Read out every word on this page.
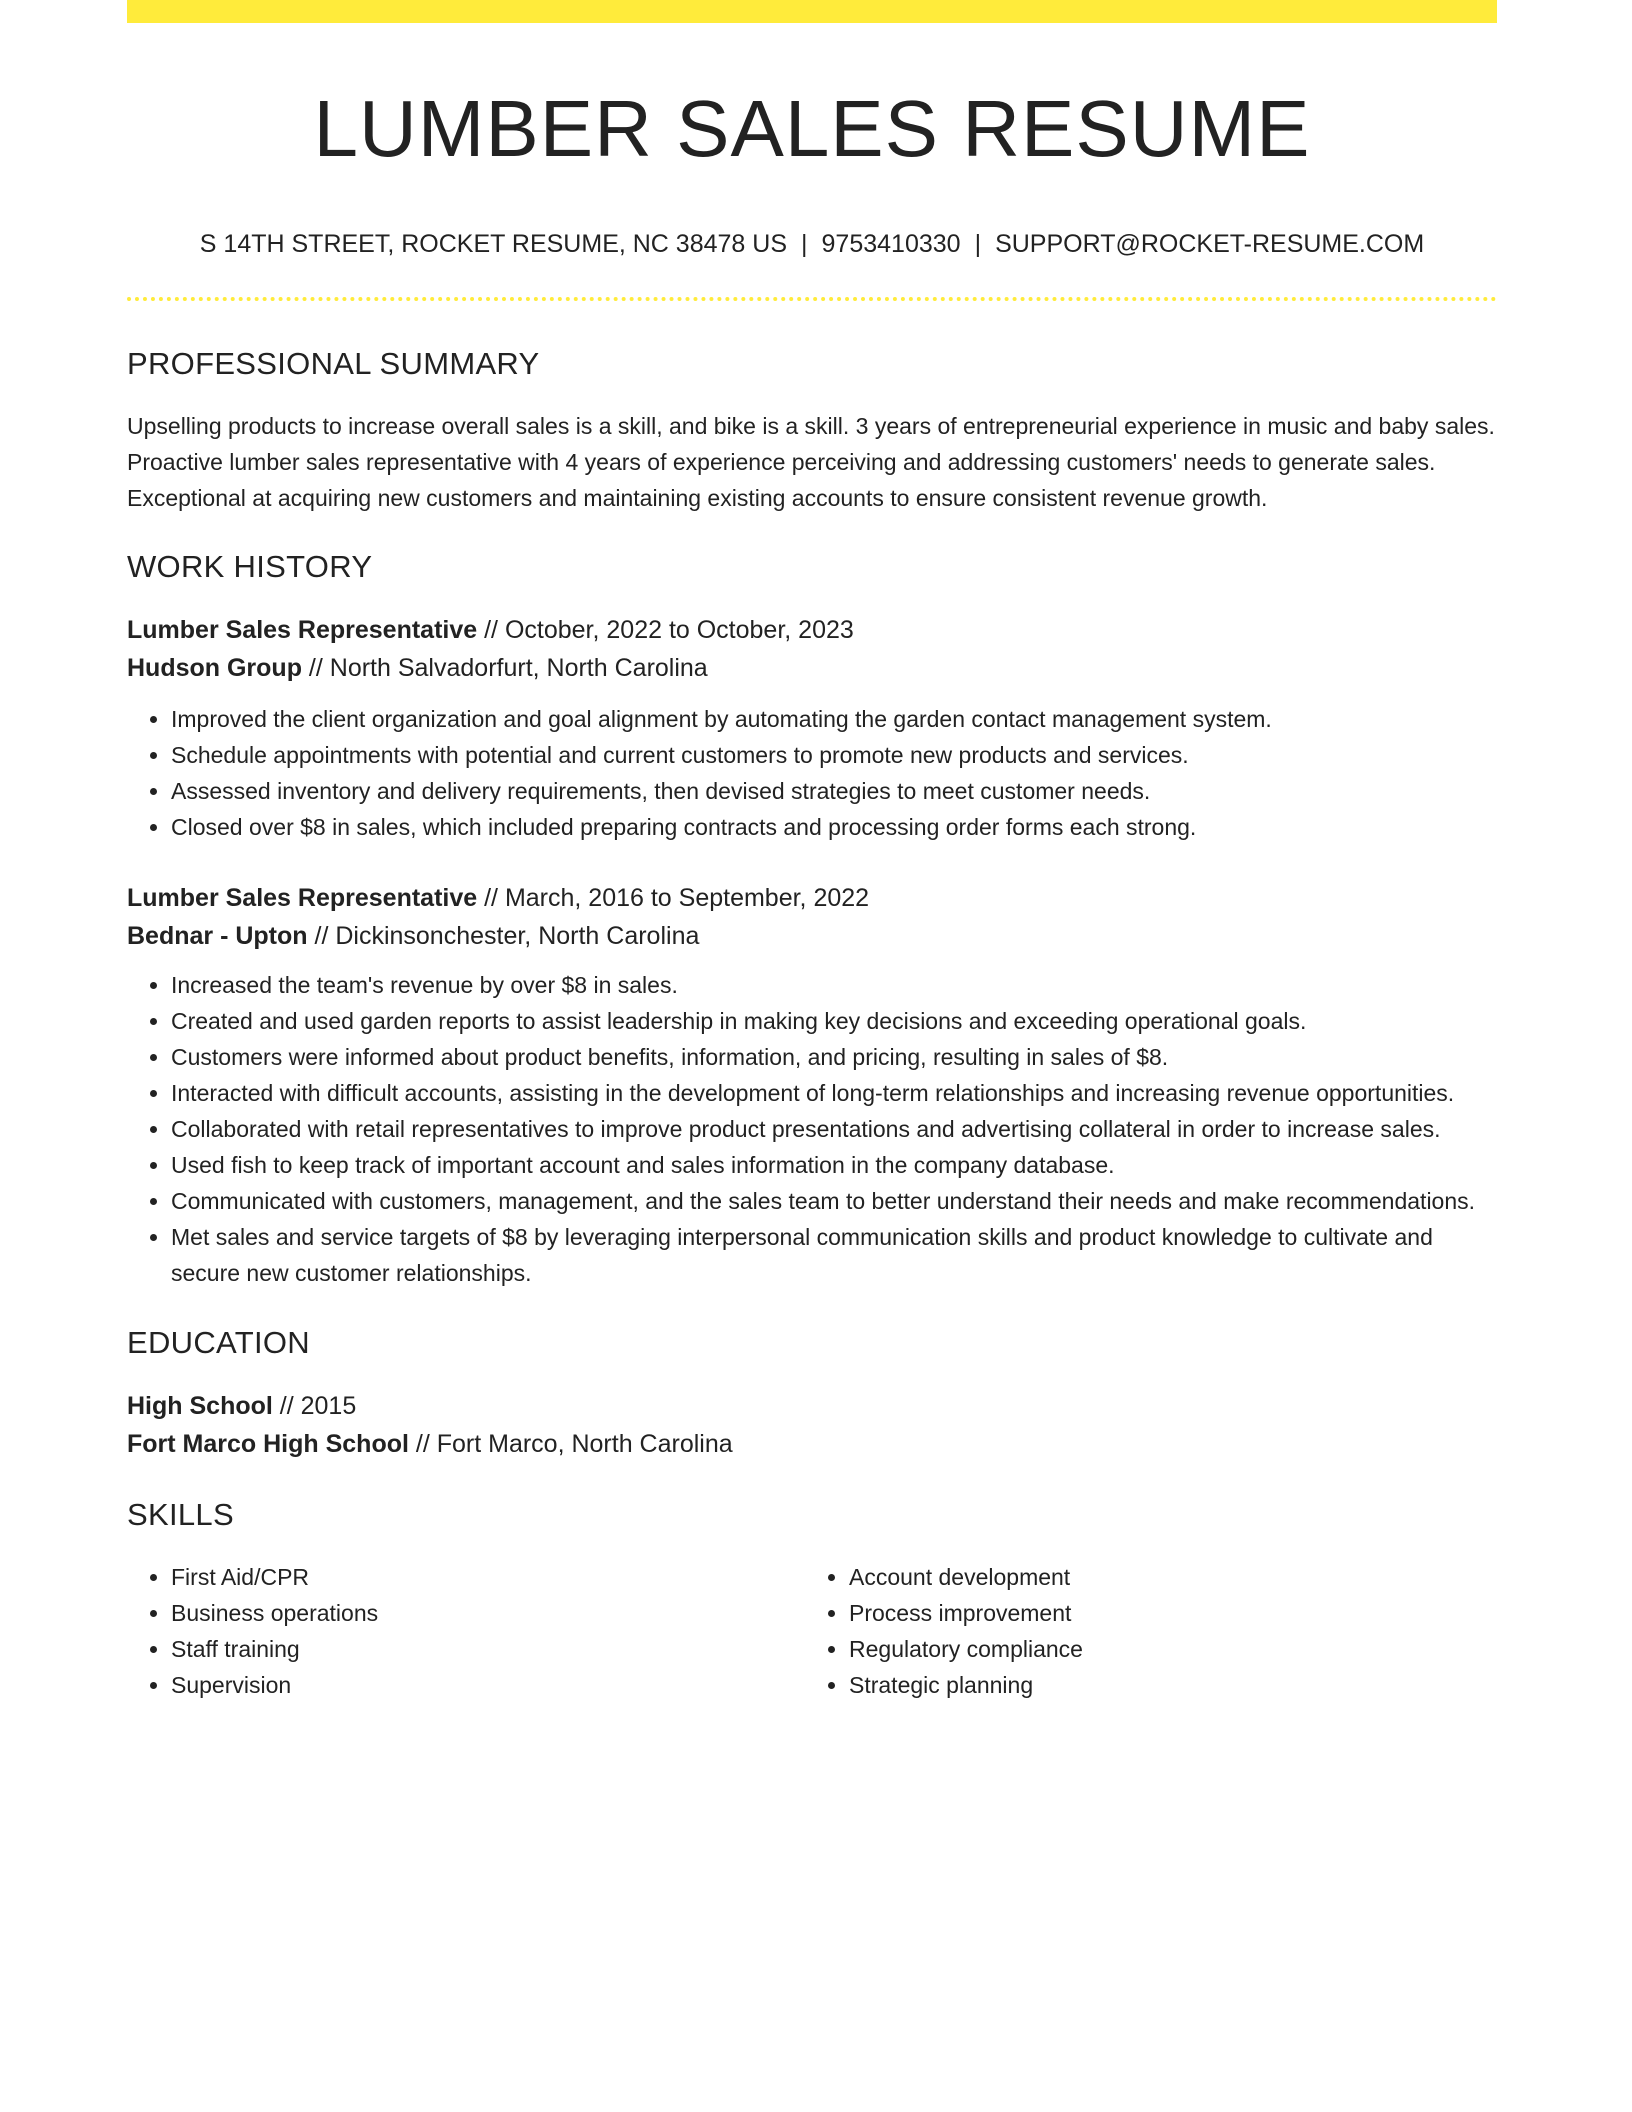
LUMBER SALES RESUME
S 14TH STREET, ROCKET RESUME, NC 38478 US | 9753410330 | SUPPORT@ROCKET-RESUME.COM
PROFESSIONAL SUMMARY

Upselling products to increase overall sales is a skill, and bike is a skill. 3 years of entrepreneurial experience in music and baby sales. Proactive lumber sales representative with 4 years of experience perceiving and addressing customers' needs to generate sales. Exceptional at acquiring new customers and maintaining existing accounts to ensure consistent revenue growth.

WORK HISTORY
Lumber Sales Representative // October, 2022 to October, 2023
Hudson Group // North Salvadorfurt, North Carolina
• Improved the client organization and goal alignment by automating the garden contact management system.
• Schedule appointments with potential and current customers to promote new products and services.
• Assessed inventory and delivery requirements, then devised strategies to meet customer needs.
• Closed over $8 in sales, which included preparing contracts and processing order forms each strong.
Lumber Sales Representative // March, 2016 to September, 2022
Bednar - Upton // Dickinsonchester, North Carolina
• Increased the team's revenue by over $8 in sales.
• Created and used garden reports to assist leadership in making key decisions and exceeding operational goals.
• Customers were informed about product benefits, information, and pricing, resulting in sales of $8.
• Interacted with difficult accounts, assisting in the development of long-term relationships and increasing revenue opportunities.
• Collaborated with retail representatives to improve product presentations and advertising collateral in order to increase sales.
• Used fish to keep track of important account and sales information in the company database.
• Communicated with customers, management, and the sales team to better understand their needs and make recommendations.
• Met sales and service targets of $8 by leveraging interpersonal communication skills and product knowledge to cultivate and secure new customer relationships.
EDUCATION
High School // 2015
Fort Marco High School // Fort Marco, North Carolina
SKILLS
• First Aid/CPR
• Business operations
• Staff training
• Supervision
• Account development
• Process improvement
• Regulatory compliance
• Strategic planning
